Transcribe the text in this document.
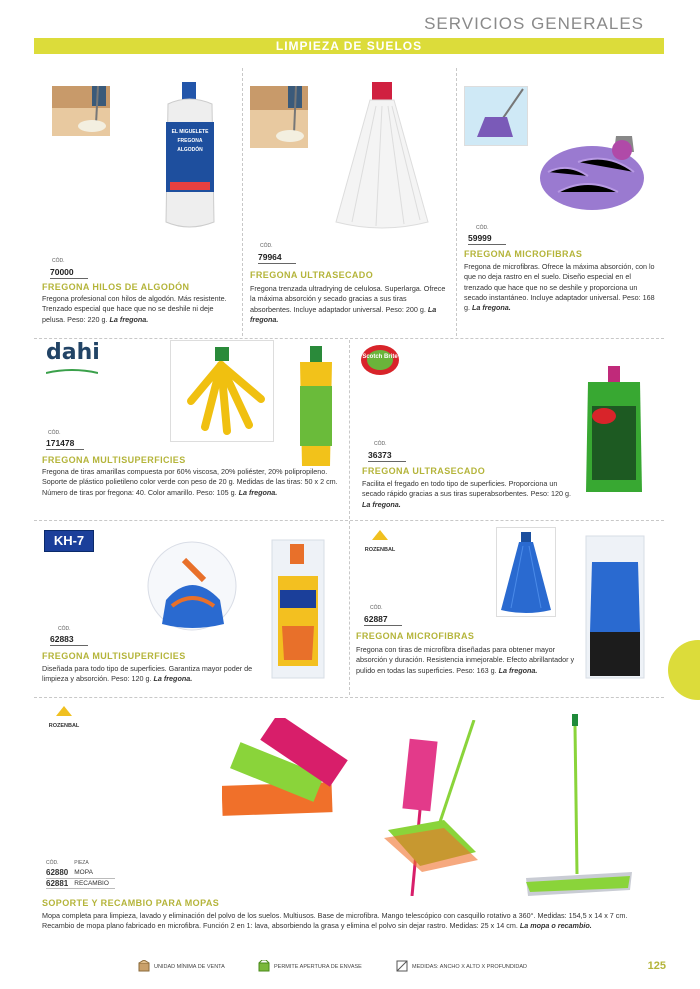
SERVICIOS GENERALES
LIMPIEZA DE SUELOS
EL MIGUELETE
FREGONA
ALGODÓN
CÓD.
70000
FREGONA HILOS DE ALGODÓN
Fregona profesional con hilos de algodón. Más resistente. Trenzado especial que hace que no se deshile ni deje pelusa. Peso: 220 g. La fregona.
CÓD.
79964
FREGONA ULTRASECADO
Fregona trenzada ultradrying de celulosa. Superlarga. Ofrece la máxima absorción y secado gracias a sus tiras absorbentes. Incluye adaptador universal. Peso: 200 g. La fregona.
CÓD.
59999
FREGONA MICROFIBRAS
Fregona de microfibras. Ofrece la máxima absorción, con lo que no deja rastro en el suelo. Diseño especial en el trenzado que hace que no se deshile y proporciona un secado instantáneo. Incluye adaptador universal. Peso: 168 g. La fregona.
dahi
CÓD.
171478
FREGONA MULTISUPERFICIES
Fregona de tiras amarillas compuesta por 60% viscosa, 20% poliéster, 20% polipropileno. Soporte de plástico polietileno color verde con peso de 20 g. Medidas de las tiras: 50 x 2 cm. Número de tiras por fregona: 40. Color amarillo. Peso: 105 g. La fregona.
Scotch Brite
CÓD.
36373
FREGONA ULTRASECADO
Facilita el fregado en todo tipo de superficies. Proporciona un secado rápido gracias a sus tiras superabsorbentes. Peso: 120 g. La fregona.
KH-7
CÓD.
62883
FREGONA MULTISUPERFICIES
Diseñada para todo tipo de superficies. Garantiza mayor poder de limpieza y absorción. Peso: 120 g. La fregona.
ROZENBAL
CÓD.
62887
FREGONA MICROFIBRAS
Fregona con tiras de microfibra diseñadas para obtener mayor absorción y duración. Resistencia inmejorable. Efecto abrillantador y pulido en todas las superficies. Peso: 163 g. La fregona.
ROZENBAL
CÓD.	PIEZA
62880	MOPA
62881	RECAMBIO
SOPORTE Y RECAMBIO PARA MOPAS
Mopa completa para limpieza, lavado y eliminación del polvo de los suelos. Multiusos. Base de microfibra. Mango telescópico con casquillo rotativo a 360°. Medidas: 154,5 x 14 x 7 cm. Recambio de mopa plano fabricado en microfibra. Función 2 en 1: lava, absorbiendo la grasa y elimina el polvo sin dejar rastro. Medidas: 25 x 14 cm. La mopa o recambio.
UNIDAD MÍNIMA DE VENTA	PERMITE APERTURA DE ENVASE	MEDIDAS: ANCHO X ALTO X PROFUNDIDAD	125
